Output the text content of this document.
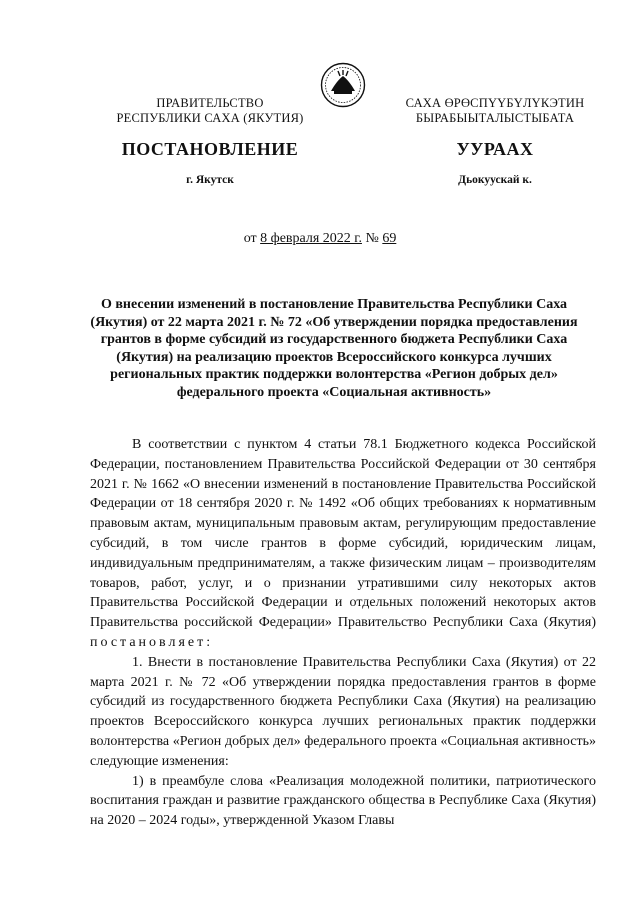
ПРАВИТЕЛЬСТВО
РЕСПУБЛИКИ САХА (ЯКУТИЯ)
САХА ӨРӨСПҮҮБҮЛҮКЭТИН
БЫРАБЫЫТАЛЫСТЫБАТА
ПОСТАНОВЛЕНИЕ	УУРААХ
г. Якутск	Дьокуускай к.
от 8 февраля 2022 г. № 69
О внесении изменений в постановление Правительства Республики Саха (Якутия) от 22 марта 2021 г. № 72 «Об утверждении порядка предоставления грантов в форме субсидий из государственного бюджета Республики Саха (Якутия) на реализацию проектов Всероссийского конкурса лучших региональных практик поддержки волонтерства «Регион добрых дел» федерального проекта «Социальная активность»

В соответствии с пунктом 4 статьи 78.1 Бюджетного кодекса Российской Федерации, постановлением Правительства Российской Федерации от 30 сентября 2021 г. № 1662 «О внесении изменений в постановление Правительства Российской Федерации от 18 сентября 2020 г. № 1492 «Об общих требованиях к нормативным правовым актам, муниципальным правовым актам, регулирующим предоставление субсидий, в том числе грантов в форме субсидий, юридическим лицам, индивидуальным предпринимателям, а также физическим лицам – производителям товаров, работ, услуг, и о признании утратившими силу некоторых актов Правительства Российской Федерации и отдельных положений некоторых актов Правительства российской Федерации» Правительство Республики Саха (Якутия) постановляет:

1. Внести в постановление Правительства Республики Саха (Якутия) от 22 марта 2021 г. № 72 «Об утверждении порядка предоставления грантов в форме субсидий из государственного бюджета Республики Саха (Якутия) на реализацию проектов Всероссийского конкурса лучших региональных практик поддержки волонтерства «Регион добрых дел» федерального проекта «Социальная активность» следующие изменения:

1) в преамбуле слова «Реализация молодежной политики, патриотического воспитания граждан и развитие гражданского общества в Республике Саха (Якутия) на 2020 – 2024 годы», утвержденной Указом Главы
